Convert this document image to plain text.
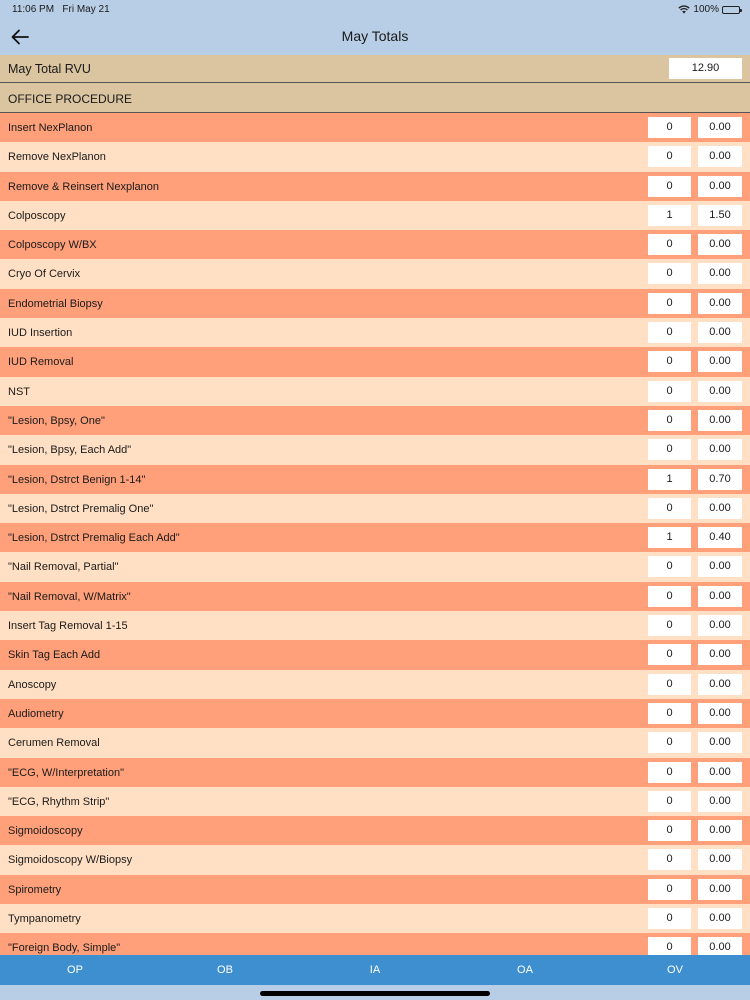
11:06 PM Fri May 21	100%
May Totals
May Total RVU	12.90
OFFICE PROCEDURE
Insert NexPlanon	0	0.00
Remove NexPlanon	0	0.00
Remove & Reinsert Nexplanon	0	0.00
Colposcopy	1	1.50
Colposcopy W/BX	0	0.00
Cryo Of Cervix	0	0.00
Endometrial Biopsy	0	0.00
IUD Insertion	0	0.00
IUD Removal	0	0.00
NST	0	0.00
"Lesion, Bpsy, One"	0	0.00
"Lesion, Bpsy, Each Add"	0	0.00
"Lesion, Dstrct Benign 1-14"	1	0.70
"Lesion, Dstrct Premalig One"	0	0.00
"Lesion, Dstrct Premalig Each Add"	1	0.40
"Nail Removal, Partial"	0	0.00
"Nail Removal, W/Matrix"	0	0.00
Insert Tag Removal 1-15	0	0.00
Skin Tag Each Add	0	0.00
Anoscopy	0	0.00
Audiometry	0	0.00
Cerumen Removal	0	0.00
"ECG, W/Interpretation"	0	0.00
"ECG, Rhythm Strip"	0	0.00
Sigmoidoscopy	0	0.00
Sigmoidoscopy W/Biopsy	0	0.00
Spirometry	0	0.00
Tympanometry	0	0.00
"Foreign Body, Simple"	0	0.00
OP	OB	IA	OA	OV
